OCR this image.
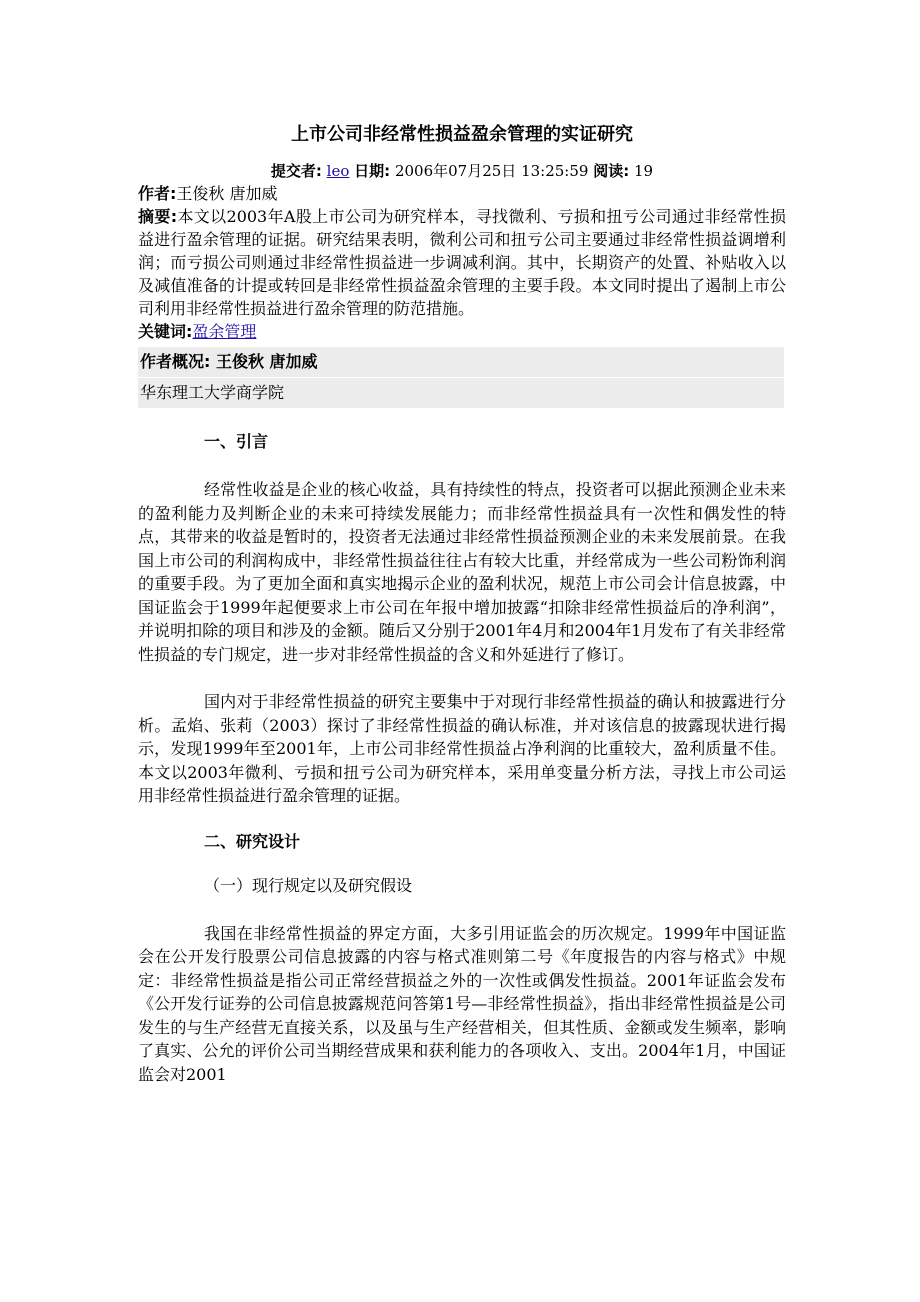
上市公司非经常性损益盈余管理的实证研究
提交者: leo 日期: 2006年07月25日 13:25:59 阅读: 19
作者:王俊秋 唐加威
摘要:本文以2003年A股上市公司为研究样本，寻找微利、亏损和扭亏公司通过非经常性损益进行盈余管理的证据。研究结果表明，微利公司和扭亏公司主要通过非经常性损益调增利润；而亏损公司则通过非经常性损益进一步调减利润。其中，长期资产的处置、补贴收入以及减值准备的计提或转回是非经常性损益盈余管理的主要手段。本文同时提出了遏制上市公司利用非经常性损益进行盈余管理的防范措施。
关键词:盈余管理
作者概况: 王俊秋 唐加威
华东理工大学商学院
一、引言

经常性收益是企业的核心收益，具有持续性的特点，投资者可以据此预测企业未来的盈利能力及判断企业的未来可持续发展能力；而非经常性损益具有一次性和偶发性的特点，其带来的收益是暂时的，投资者无法通过非经常性损益预测企业的未来发展前景。在我国上市公司的利润构成中，非经常性损益往往占有较大比重，并经常成为一些公司粉饰利润的重要手段。为了更加全面和真实地揭示企业的盈利状况，规范上市公司会计信息披露，中国证监会于1999年起便要求上市公司在年报中增加披露“扣除非经常性损益后的净利润”，并说明扣除的项目和涉及的金额。随后又分别于2001年4月和2004年1月发布了有关非经常性损益的专门规定，进一步对非经常性损益的含义和外延进行了修订。

国内对于非经常性损益的研究主要集中于对现行非经常性损益的确认和披露进行分析。孟焰、张莉（2003）探讨了非经常性损益的确认标准，并对该信息的披露现状进行揭示，发现1999年至2001年，上市公司非经常性损益占净利润的比重较大，盈利质量不佳。本文以2003年微利、亏损和扭亏公司为研究样本，采用单变量分析方法，寻找上市公司运用非经常性损益进行盈余管理的证据。

二、研究设计
（一）现行规定以及研究假设

我国在非经常性损益的界定方面，大多引用证监会的历次规定。1999年中国证监会在公开发行股票公司信息披露的内容与格式准则第二号《年度报告的内容与格式》中规定：非经常性损益是指公司正常经营损益之外的一次性或偶发性损益。2001年证监会发布《公开发行证券的公司信息披露规范问答第1号—非经常性损益》，指出非经常性损益是公司发生的与生产经营无直接关系，以及虽与生产经营相关，但其性质、金额或发生频率，影响了真实、公允的评价公司当期经营成果和获利能力的各项收入、支出。2004年1月，中国证监会对2001
